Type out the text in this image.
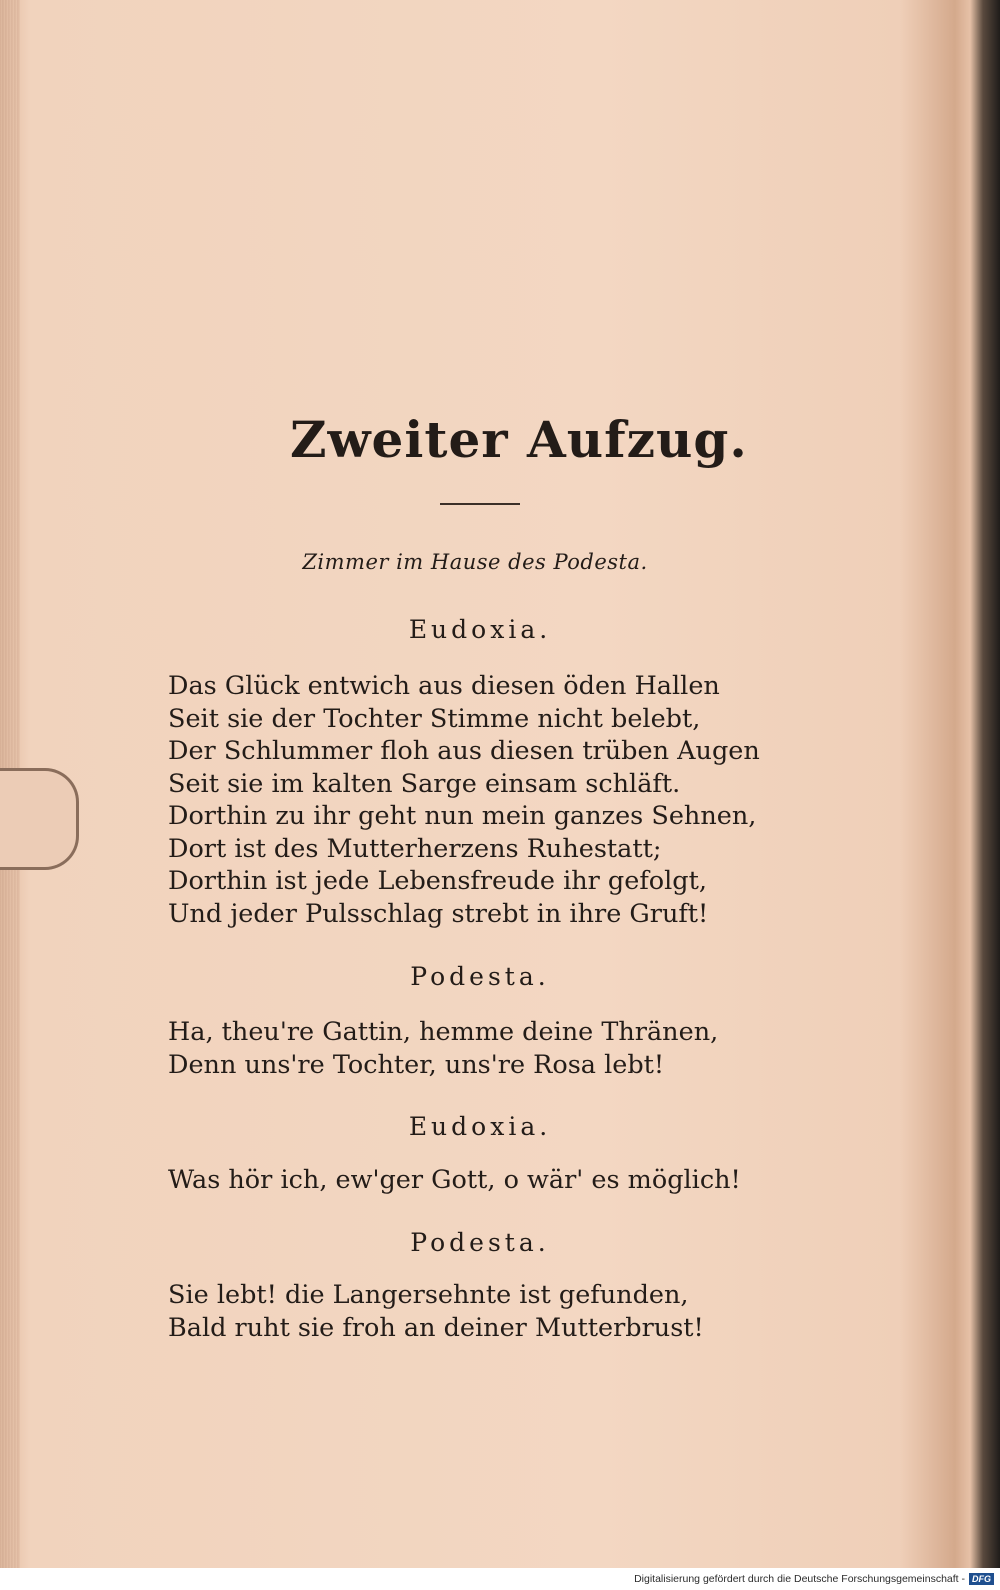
Zweiter Aufzug.
Zimmer im Hause des Podesta.
Eudoxia.
Das Glück entwich aus diesen öden Hallen
Seit sie der Tochter Stimme nicht belebt,
Der Schlummer floh aus diesen trüben Augen
Seit sie im kalten Sarge einsam schläft.
Dorthin zu ihr geht nun mein ganzes Sehnen,
Dort ist des Mutterherzens Ruhestatt;
Dorthin ist jede Lebensfreude ihr gefolgt,
Und jeder Pulsschlag strebt in ihre Gruft!
Podesta.
Ha, theu're Gattin, hemme deine Thränen,
Denn uns're Tochter, uns're Rosa lebt!
Eudoxia.
Was hör ich, ew'ger Gott, o wär' es möglich!
Podesta.
Sie lebt! die Langersehnte ist gefunden,
Bald ruht sie froh an deiner Mutterbrust!
Digitalisierung gefördert durch die Deutsche Forschungsgemeinschaft - DFG
